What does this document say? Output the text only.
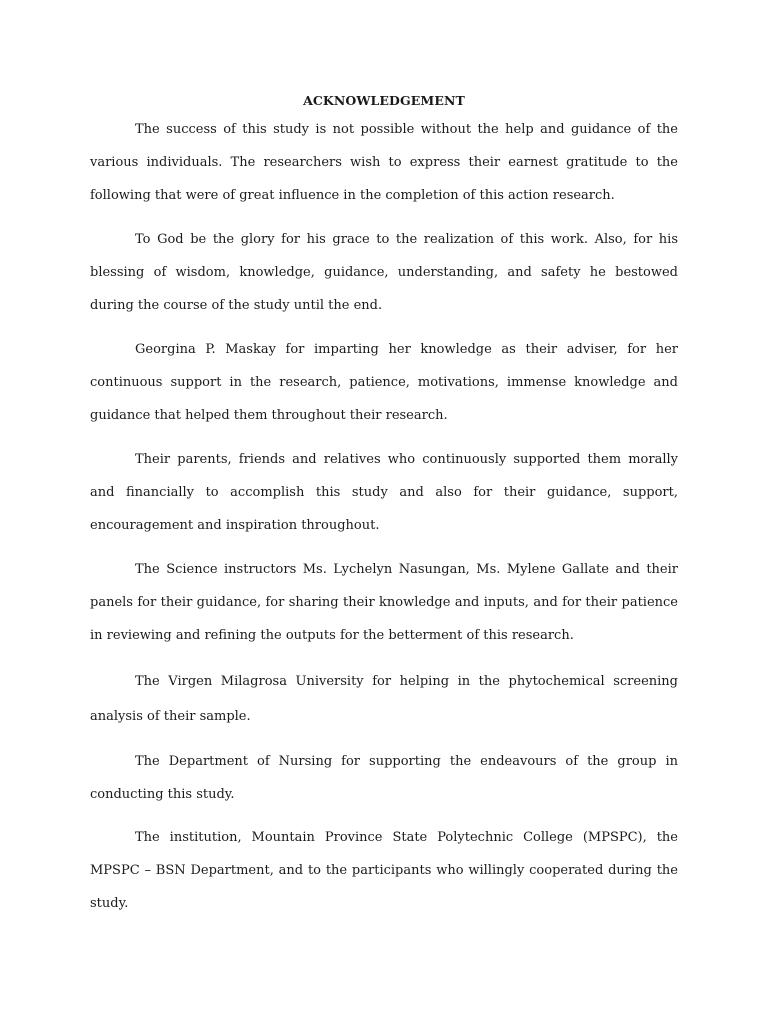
ACKNOWLEDGEMENT

The success of this study is not possible without the help and guidance of the various individuals. The researchers wish to express their earnest gratitude to the following that were of great influence in the completion of this action research.

To God be the glory for his grace to the realization of this work. Also, for his blessing of wisdom, knowledge, guidance, understanding, and safety he bestowed during the course of the study until the end.

Georgina P. Maskay for imparting her knowledge as their adviser, for her continuous support in the research, patience, motivations, immense knowledge and guidance that helped them throughout their research.

Their parents, friends and relatives who continuously supported them morally and financially to accomplish this study and also for their guidance, support, encouragement and inspiration throughout.

The Science instructors Ms. Lychelyn Nasungan, Ms. Mylene Gallate and their panels for their guidance, for sharing their knowledge and inputs, and for their patience in reviewing and refining the outputs for the betterment of this research.

The Virgen Milagrosa University for helping in the phytochemical screening analysis of their sample.

The Department of Nursing for supporting the endeavours of the group in conducting this study.

The institution, Mountain Province State Polytechnic College (MPSPC), the MPSPC – BSN Department, and to the participants who willingly cooperated during the study.
